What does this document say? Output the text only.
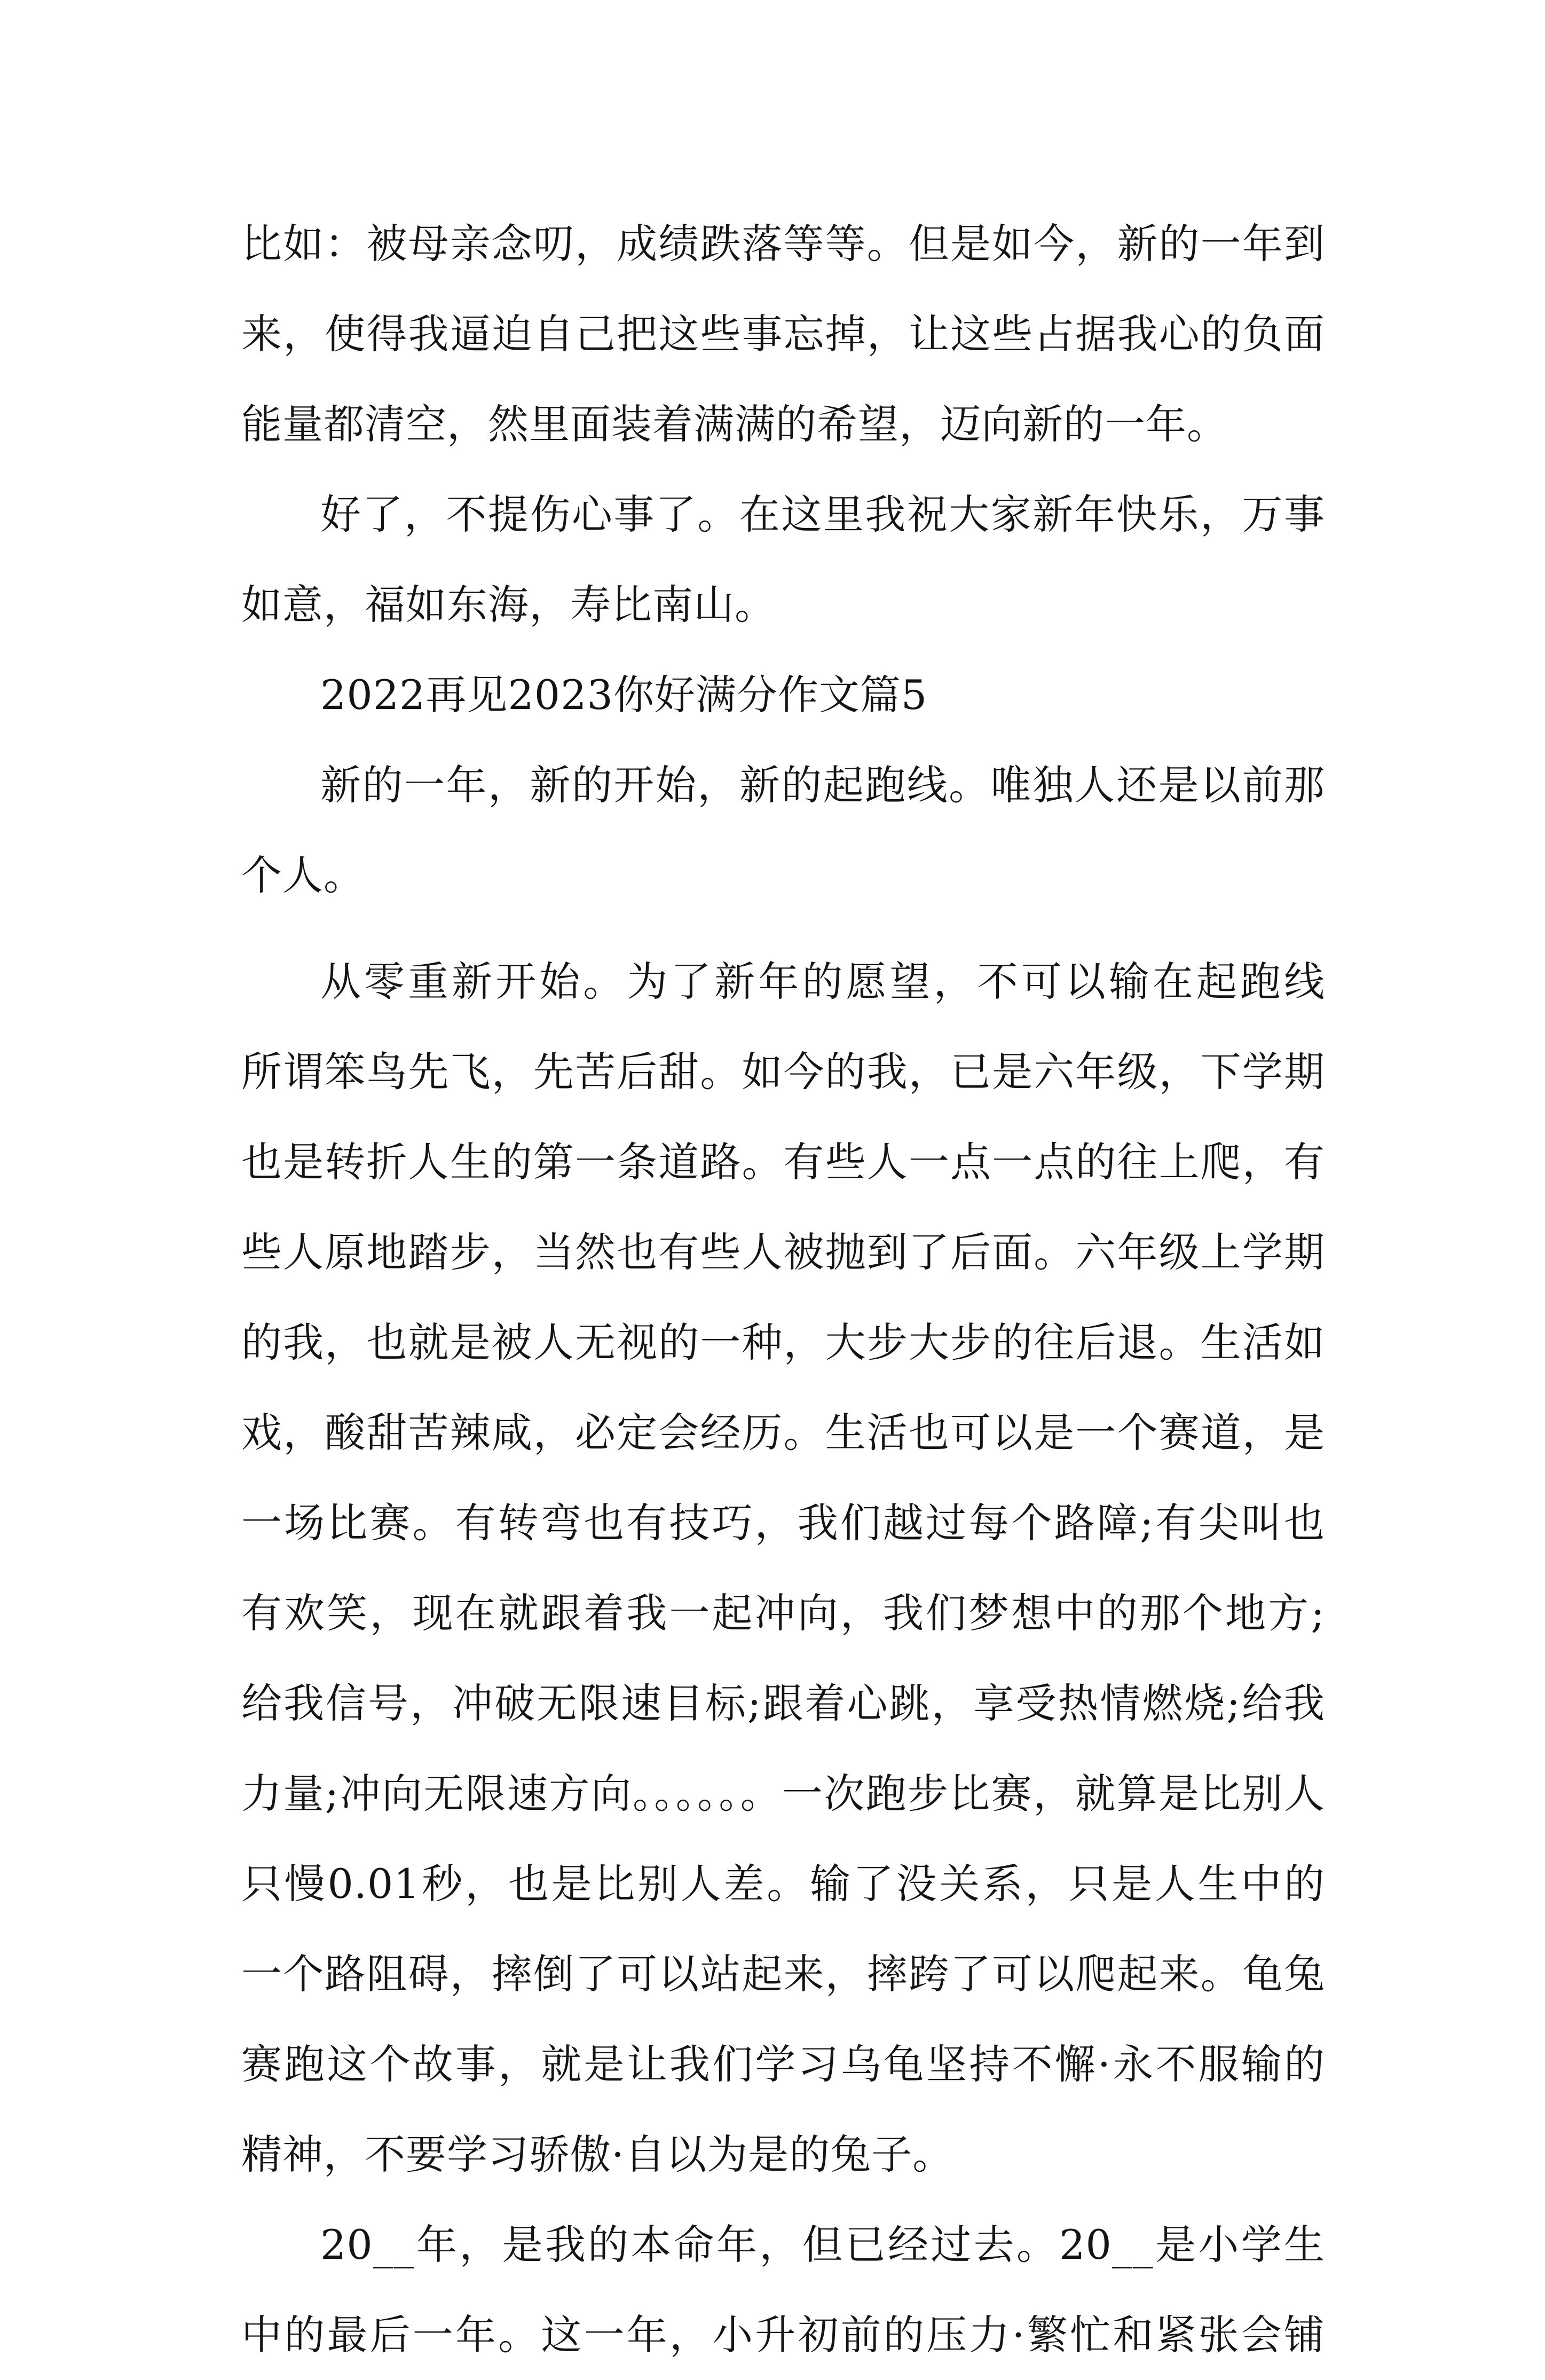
比如：被母亲念叨，成绩跌落等等。但是如今，新的一年到
来，使得我逼迫自己把这些事忘掉，让这些占据我心的负面
能量都清空，然里面装着满满的希望，迈向新的一年。
好了，不提伤心事了。在这里我祝大家新年快乐，万事
如意，福如东海，寿比南山。
2022再见2023你好满分作文篇5
新的一年，新的开始，新的起跑线。唯独人还是以前那
个人。
从零重新开始。为了新年的愿望，不可以输在起跑线
所谓笨鸟先飞，先苦后甜。如今的我，已是六年级，下学期
也是转折人生的第一条道路。有些人一点一点的往上爬，有
些人原地踏步，当然也有些人被抛到了后面。六年级上学期
的我，也就是被人无视的一种，大步大步的往后退。生活如
戏，酸甜苦辣咸，必定会经历。生活也可以是一个赛道，是
一场比赛。有转弯也有技巧，我们越过每个路障;有尖叫也
有欢笑，现在就跟着我一起冲向，我们梦想中的那个地方;
给我信号，冲破无限速目标;跟着心跳，享受热情燃烧;给我
力量;冲向无限速方向。。。。。。一次跑步比赛，就算是比别人
只慢0.01秒，也是比别人差。输了没关系，只是人生中的
一个路阻碍，摔倒了可以站起来，摔跨了可以爬起来。龟兔
赛跑这个故事，就是让我们学习乌龟坚持不懈·永不服输的
精神，不要学习骄傲·自以为是的兔子。
20__年，是我的本命年，但已经过去。20__是小学生
中的最后一年。这一年，小升初前的压力·繁忙和紧张会铺
